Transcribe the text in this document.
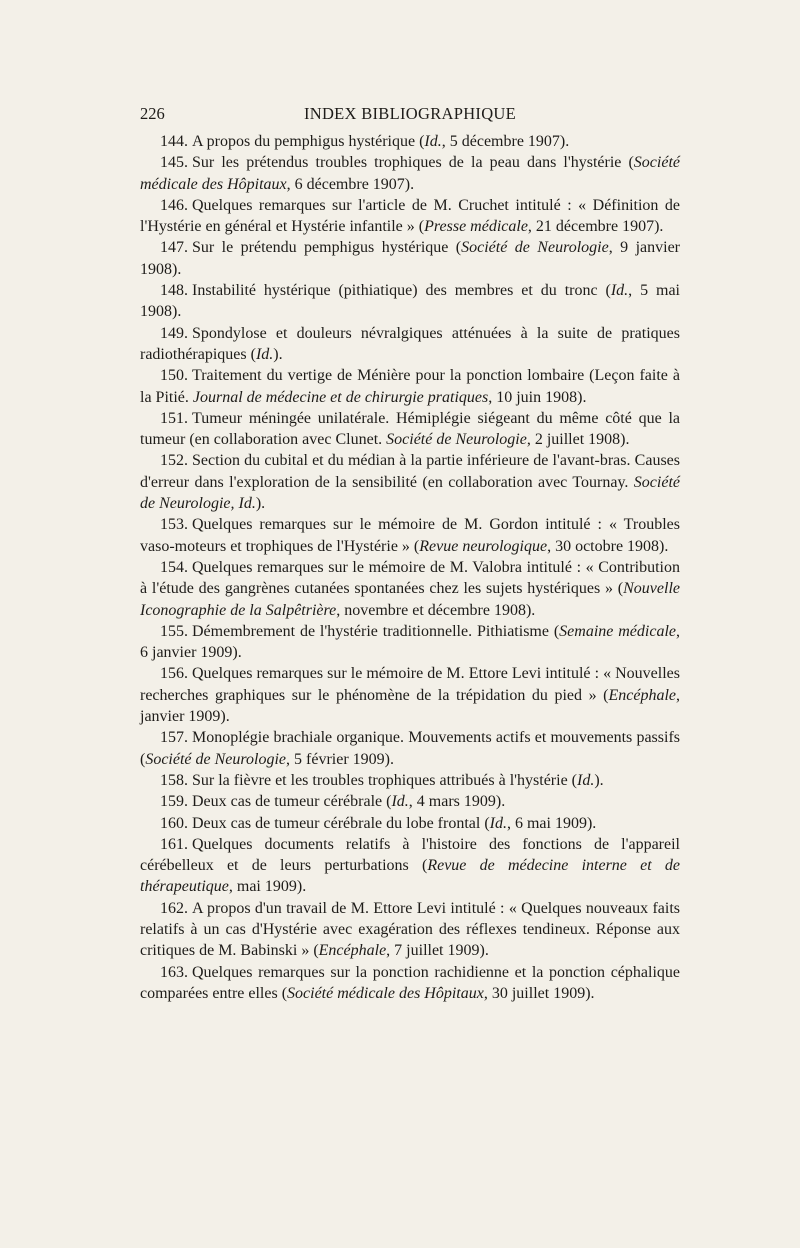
226	INDEX BIBLIOGRAPHIQUE

144. A propos du pemphigus hystérique (Id., 5 décembre 1907).

145. Sur les prétendus troubles trophiques de la peau dans l'hystérie (Société médicale des Hôpitaux, 6 décembre 1907).

146. Quelques remarques sur l'article de M. Cruchet intitulé : « Définition de l'Hystérie en général et Hystérie infantile » (Presse médicale, 21 décembre 1907).

147. Sur le prétendu pemphigus hystérique (Société de Neurologie, 9 janvier 1908).

148. Instabilité hystérique (pithiatique) des membres et du tronc (Id., 5 mai 1908).

149. Spondylose et douleurs névralgiques atténuées à la suite de pratiques radiothérapiques (Id.).

150. Traitement du vertige de Ménière pour la ponction lombaire (Leçon faite à la Pitié. Journal de médecine et de chirurgie pratiques, 10 juin 1908).

151. Tumeur méningée unilatérale. Hémiplégie siégeant du même côté que la tumeur (en collaboration avec Clunet. Société de Neurologie, 2 juillet 1908).

152. Section du cubital et du médian à la partie inférieure de l'avant-bras. Causes d'erreur dans l'exploration de la sensibilité (en collaboration avec Tournay. Société de Neurologie, Id.).

153. Quelques remarques sur le mémoire de M. Gordon intitulé : « Troubles vaso-moteurs et trophiques de l'Hystérie » (Revue neurologique, 30 octobre 1908).

154. Quelques remarques sur le mémoire de M. Valobra intitulé : « Contribution à l'étude des gangrènes cutanées spontanées chez les sujets hystériques » (Nouvelle Iconographie de la Salpêtrière, novembre et décembre 1908).

155. Démembrement de l'hystérie traditionnelle. Pithiatisme (Semaine médicale, 6 janvier 1909).

156. Quelques remarques sur le mémoire de M. Ettore Levi intitulé : « Nouvelles recherches graphiques sur le phénomène de la trépidation du pied » (Encéphale, janvier 1909).

157. Monoplégie brachiale organique. Mouvements actifs et mouvements passifs (Société de Neurologie, 5 février 1909).

158. Sur la fièvre et les troubles trophiques attribués à l'hystérie (Id.).

159. Deux cas de tumeur cérébrale (Id., 4 mars 1909).

160. Deux cas de tumeur cérébrale du lobe frontal (Id., 6 mai 1909).

161. Quelques documents relatifs à l'histoire des fonctions de l'appareil cérébelleux et de leurs perturbations (Revue de médecine interne et de thérapeutique, mai 1909).

162. A propos d'un travail de M. Ettore Levi intitulé : « Quelques nouveaux faits relatifs à un cas d'Hystérie avec exagération des réflexes tendineux. Réponse aux critiques de M. Babinski » (Encéphale, 7 juillet 1909).

163. Quelques remarques sur la ponction rachidienne et la ponction céphalique comparées entre elles (Société médicale des Hôpitaux, 30 juillet 1909).
